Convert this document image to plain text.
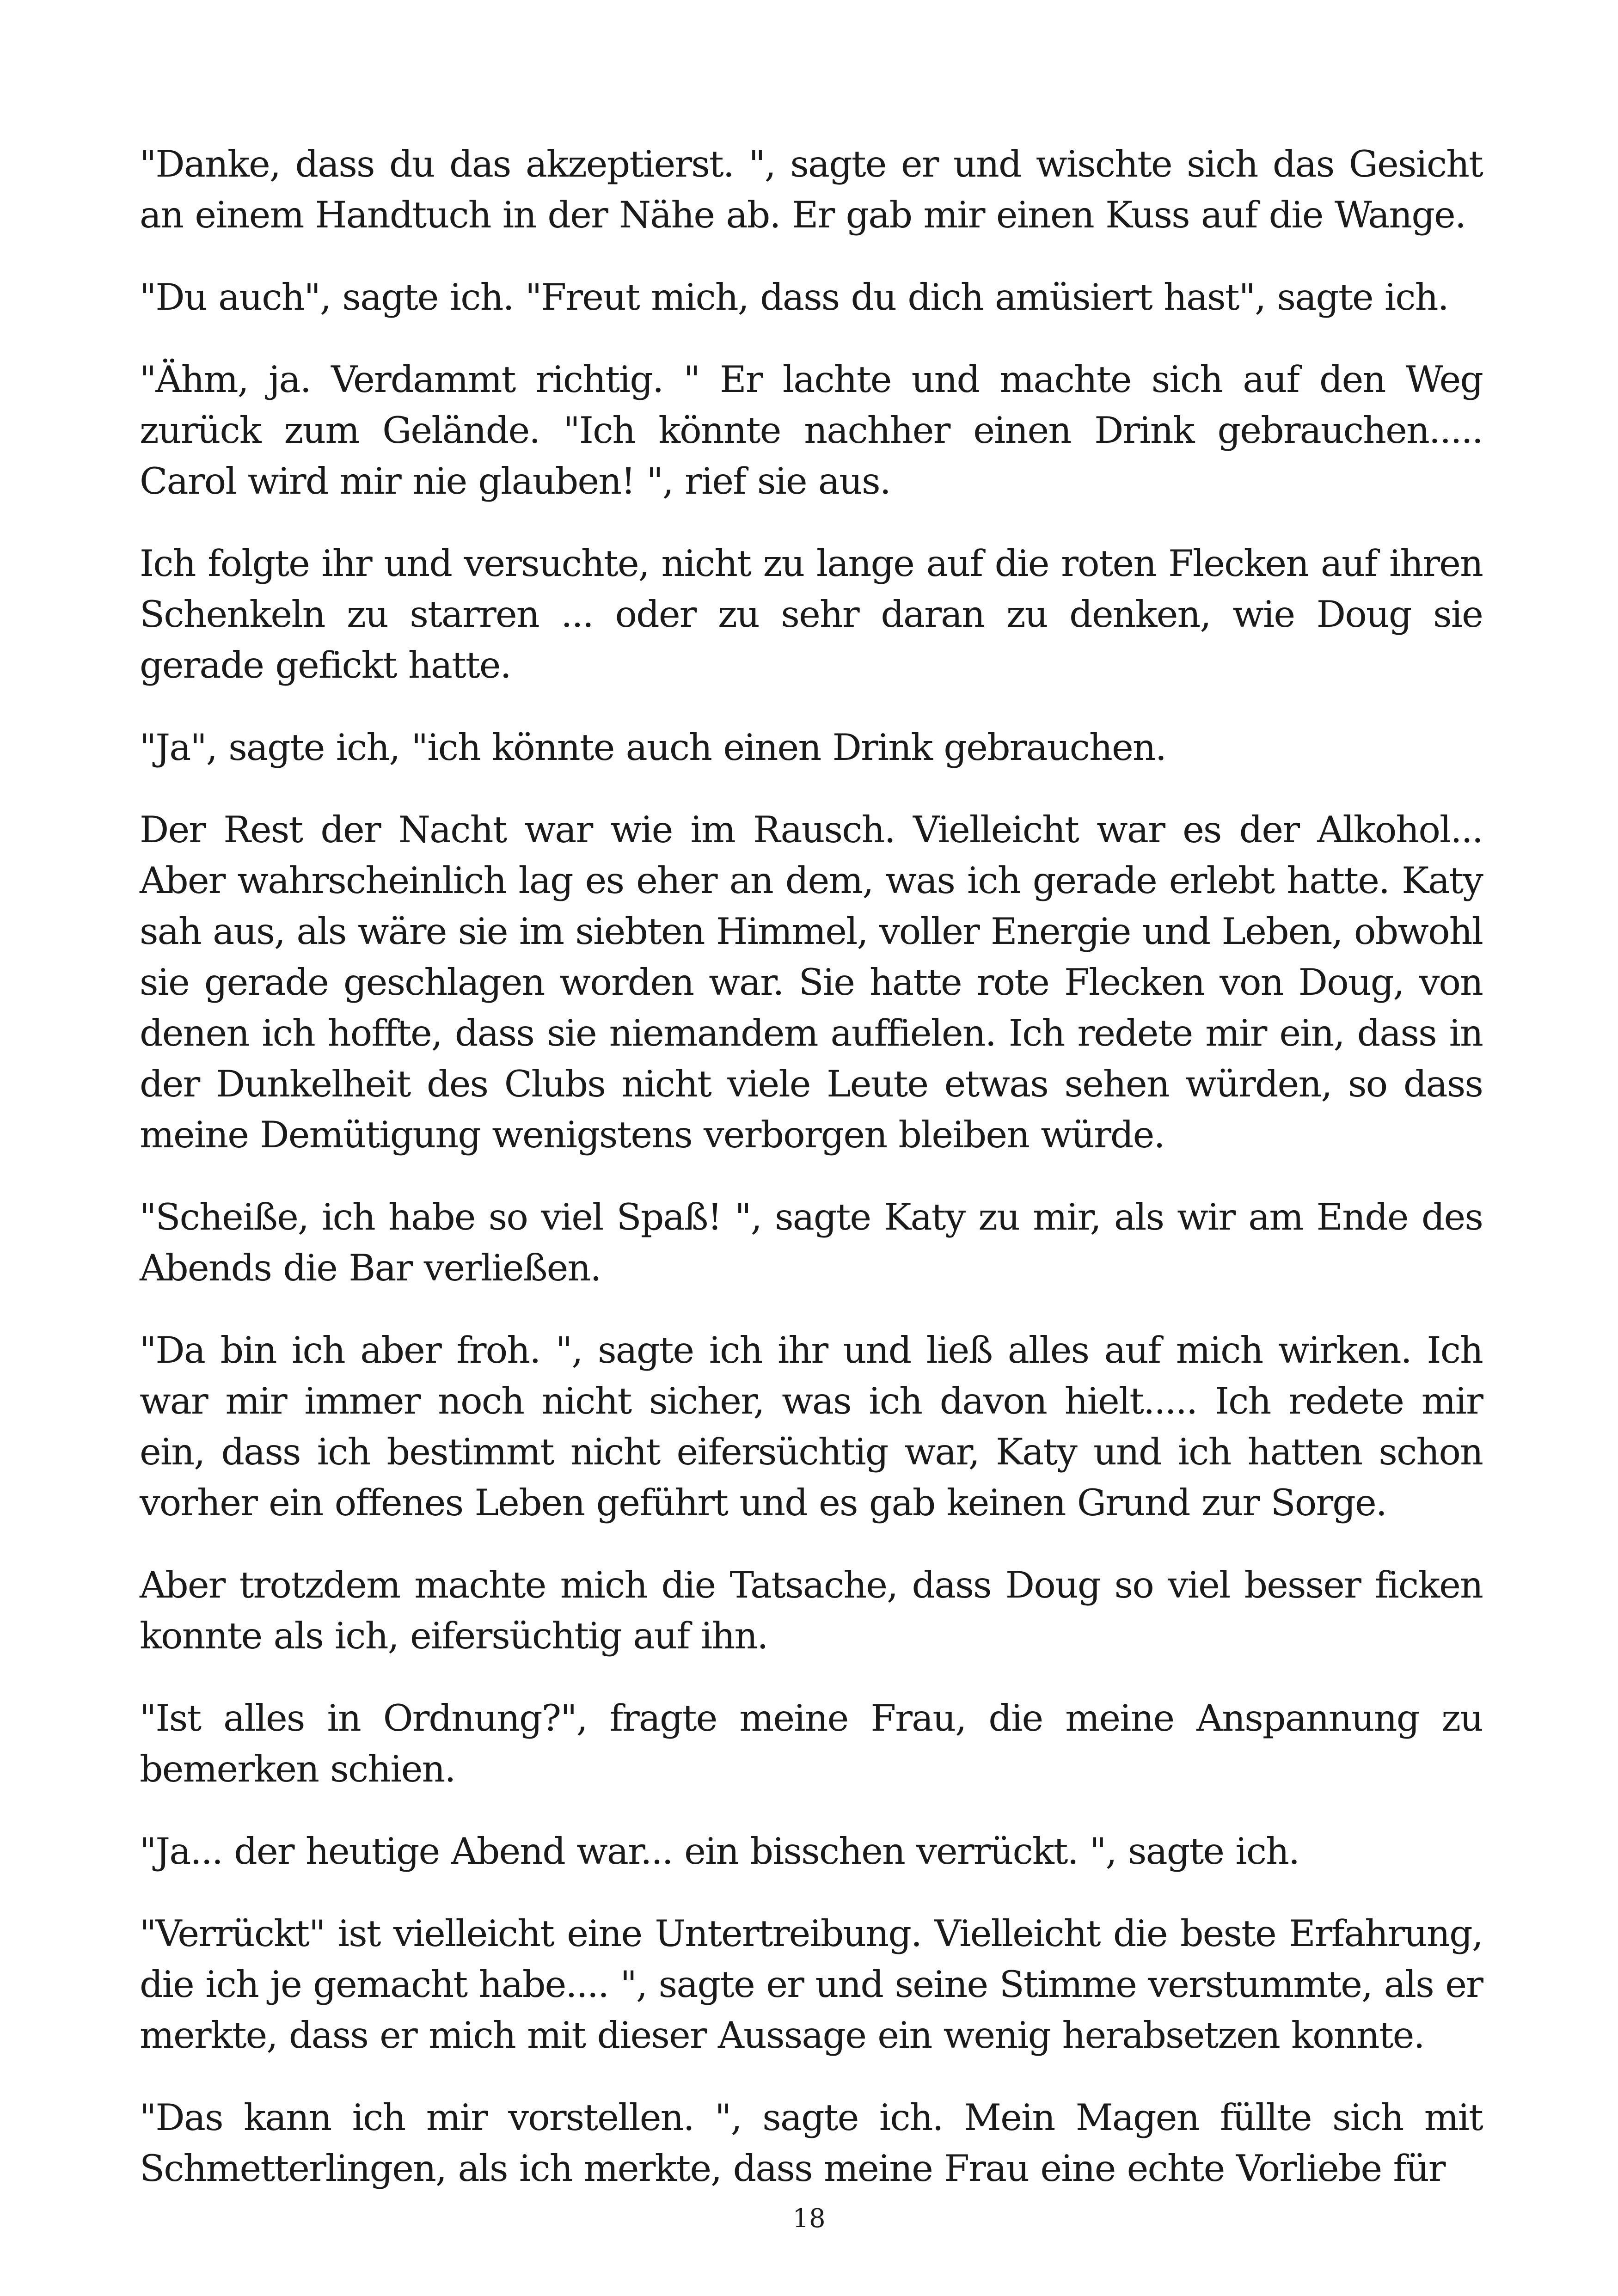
"Danke, dass du das akzeptierst. ", sagte er und wischte sich das Gesicht an einem Handtuch in der Nähe ab. Er gab mir einen Kuss auf die Wange.

"Du auch", sagte ich. "Freut mich, dass du dich amüsiert hast", sagte ich.

"Ähm, ja. Verdammt richtig. " Er lachte und machte sich auf den Weg zurück zum Gelände. "Ich könnte nachher einen Drink gebrauchen..... Carol wird mir nie glauben! ", rief sie aus.

Ich folgte ihr und versuchte, nicht zu lange auf die roten Flecken auf ihren Schenkeln zu starren ... oder zu sehr daran zu denken, wie Doug sie gerade gefickt hatte.

"Ja", sagte ich, "ich könnte auch einen Drink gebrauchen.

Der Rest der Nacht war wie im Rausch. Vielleicht war es der Alkohol... Aber wahrscheinlich lag es eher an dem, was ich gerade erlebt hatte. Katy sah aus, als wäre sie im siebten Himmel, voller Energie und Leben, obwohl sie gerade geschlagen worden war. Sie hatte rote Flecken von Doug, von denen ich hoffte, dass sie niemandem auffielen. Ich redete mir ein, dass in der Dunkelheit des Clubs nicht viele Leute etwas sehen würden, so dass meine Demütigung wenigstens verborgen bleiben würde.

"Scheiße, ich habe so viel Spaß! ", sagte Katy zu mir, als wir am Ende des Abends die Bar verließen.

"Da bin ich aber froh. ", sagte ich ihr und ließ alles auf mich wirken. Ich war mir immer noch nicht sicher, was ich davon hielt..... Ich redete mir ein, dass ich bestimmt nicht eifersüchtig war, Katy und ich hatten schon vorher ein offenes Leben geführt und es gab keinen Grund zur Sorge.

Aber trotzdem machte mich die Tatsache, dass Doug so viel besser ficken konnte als ich, eifersüchtig auf ihn.

"Ist alles in Ordnung?", fragte meine Frau, die meine Anspannung zu bemerken schien.

"Ja... der heutige Abend war... ein bisschen verrückt. ", sagte ich.

"Verrückt" ist vielleicht eine Untertreibung. Vielleicht die beste Erfahrung, die ich je gemacht habe.... ", sagte er und seine Stimme verstummte, als er merkte, dass er mich mit dieser Aussage ein wenig herabsetzen konnte.

"Das kann ich mir vorstellen. ", sagte ich. Mein Magen füllte sich mit Schmetterlingen, als ich merkte, dass meine Frau eine echte Vorliebe für

18
